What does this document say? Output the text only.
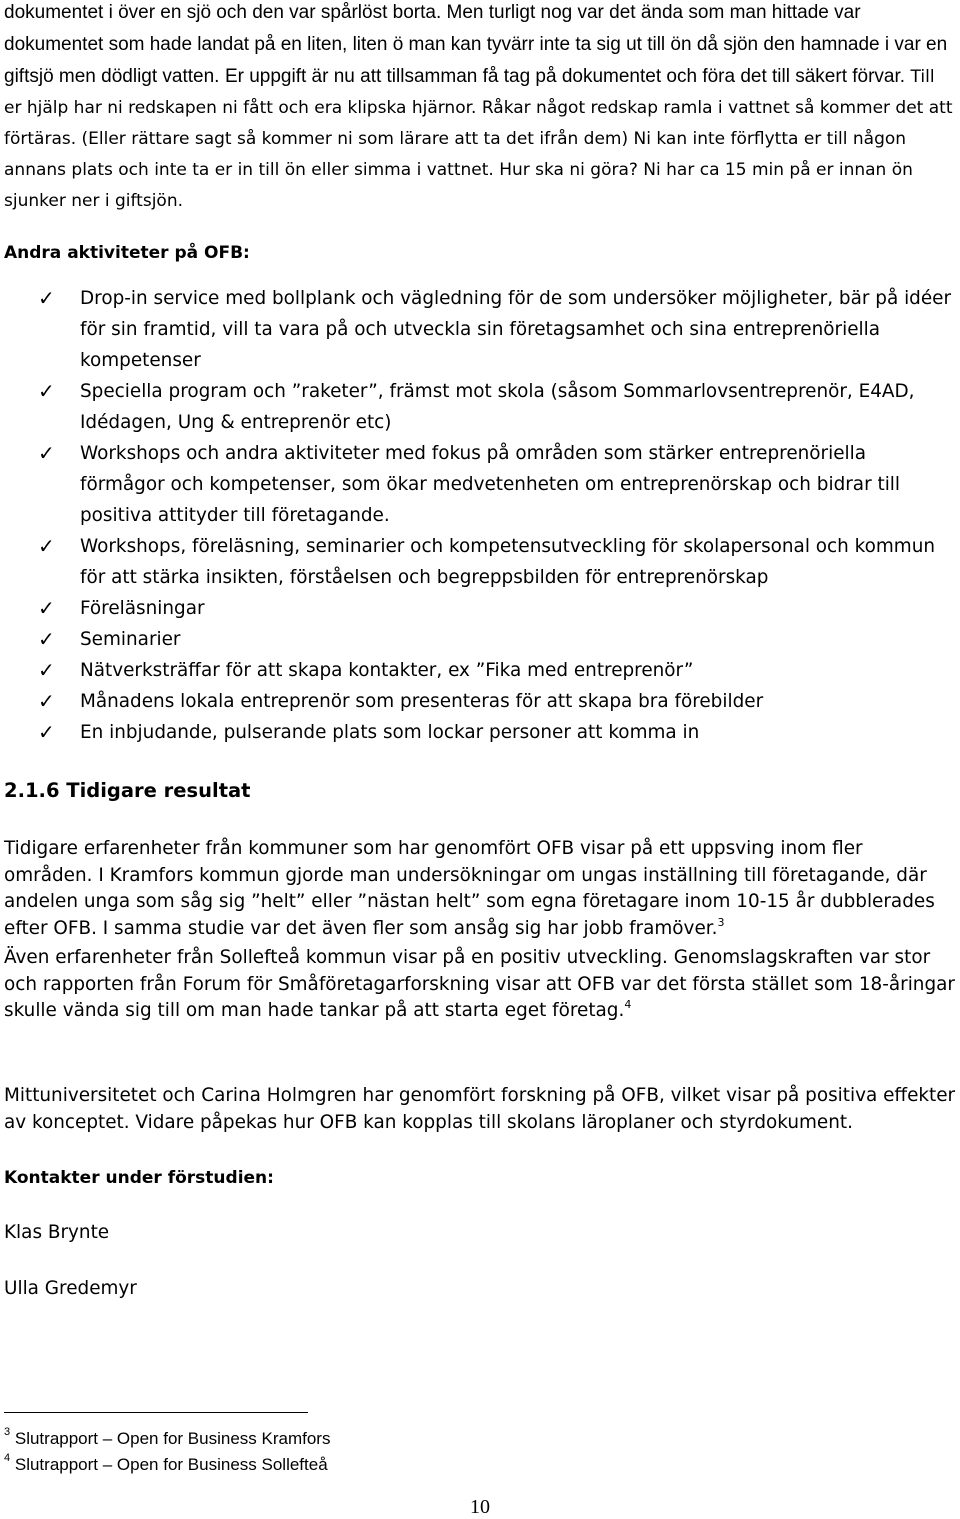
dokumentet i över en sjö och den var spårlöst borta. Men turligt nog var det ända som man hittade var dokumentet som hade landat på en liten, liten ö man kan tyvärr inte ta sig ut till ön då sjön den hamnade i var en giftsjö men dödligt vatten. Er uppgift är nu att tillsamman få tag på dokumentet och föra det till säkert förvar. Till er hjälp har ni redskapen ni fått och era klipska hjärnor. Råkar något redskap ramla i vattnet så kommer det att förtäras. (Eller rättare sagt så kommer ni som lärare att ta det ifrån dem) Ni kan inte förflytta er till någon annans plats och inte ta er in till ön eller simma i vattnet. Hur ska ni göra? Ni har ca 15 min på er innan ön sjunker ner i giftsjön.

Andra aktiviteter på OFB:

✓ Drop-in service med bollplank och vägledning för de som undersöker möjligheter, bär på idéer för sin framtid, vill ta vara på och utveckla sin företagsamhet och sina entreprenöriella kompetenser
✓ Speciella program och ”raketer”, främst mot skola (såsom Sommarlovsentreprenör, E4AD, Idédagen, Ung & entreprenör etc)
✓ Workshops och andra aktiviteter med fokus på områden som stärker entreprenöriella förmågor och kompetenser, som ökar medvetenheten om entreprenörskap och bidrar till positiva attityder till företagande.
✓ Workshops, föreläsning, seminarier och kompetensutveckling för skolapersonal och kommun för att stärka insikten, förståelsen och begreppsbilden för entreprenörskap
✓ Föreläsningar
✓ Seminarier
✓ Nätverksträffar för att skapa kontakter, ex ”Fika med entreprenör”
✓ Månadens lokala entreprenör som presenteras för att skapa bra förebilder
✓ En inbjudande, pulserande plats som lockar personer att komma in

2.1.6 Tidigare resultat

Tidigare erfarenheter från kommuner som har genomfört OFB visar på ett uppsving inom fler områden. I Kramfors kommun gjorde man undersökningar om ungas inställning till företagande, där andelen unga som såg sig ”helt” eller ”nästan helt” som egna företagare inom 10-15 år dubblerades efter OFB. I samma studie var det även fler som ansåg sig har jobb framöver.$^3$

Även erfarenheter från Sollefteå kommun visar på en positiv utveckling. Genomslagskraften var stor och rapporten från Forum för Småföretagarforskning visar att OFB var det första stället som 18-åringar skulle vända sig till om man hade tankar på att starta eget företag.$^4$

Mittuniversitetet och Carina Holmgren har genomfört forskning på OFB, vilket visar på positiva effekter av konceptet. Vidare påpekas hur OFB kan kopplas till skolans läroplaner och styrdokument.

Kontakter under förstudien:

Klas Brynte

Ulla Gredemyr

$^3$ Slutrapport – Open for Business Kramfors

$^4$ Slutrapport – Open for Business Sollefteå

10
